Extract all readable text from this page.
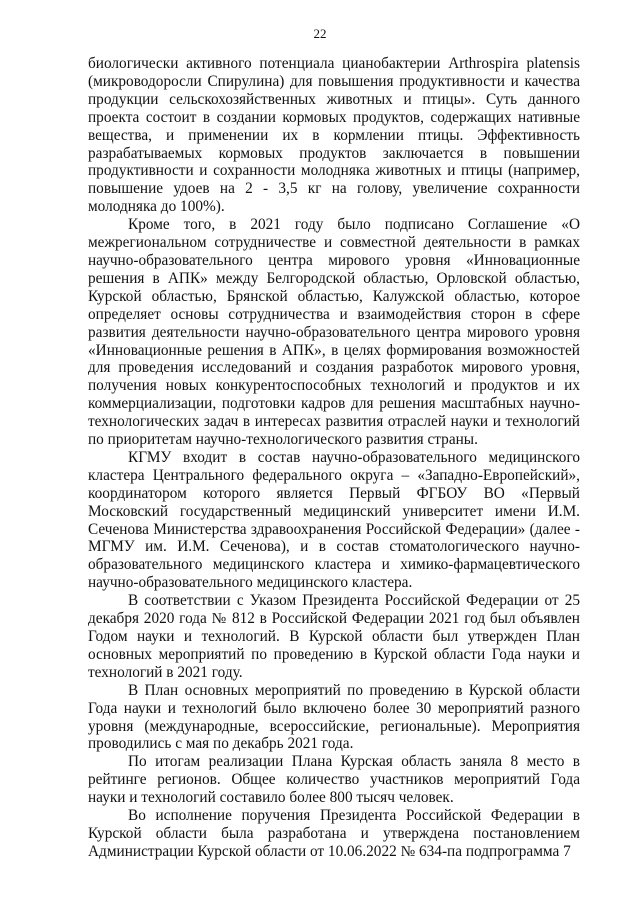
22

биологически активного потенциала цианобактерии Arthrospira platensis (микроводоросли Спирулина) для повышения продуктивности и качества продукции сельскохозяйственных животных и птицы». Суть данного проекта состоит в создании кормовых продуктов, содержащих нативные вещества, и применении их в кормлении птицы. Эффективность разрабатываемых кормовых продуктов заключается в повышении продуктивности и сохранности молодняка животных и птицы (например, повышение удоев на 2 - 3,5 кг на голову, увеличение сохранности молодняка до 100%).

Кроме того, в 2021 году было подписано Соглашение «О межрегиональном сотрудничестве и совместной деятельности в рамках научно-образовательного центра мирового уровня «Инновационные решения в АПК» между Белгородской областью, Орловской областью, Курской областью, Брянской областью, Калужской областью, которое определяет основы сотрудничества и взаимодействия сторон в сфере развития деятельности научно-образовательного центра мирового уровня «Инновационные решения в АПК», в целях формирования возможностей для проведения исследований и создания разработок мирового уровня, получения новых конкурентоспособных технологий и продуктов и их коммерциализации, подготовки кадров для решения масштабных научно-технологических задач в интересах развития отраслей науки и технологий по приоритетам научно-технологического развития страны.

КГМУ входит в состав научно-образовательного медицинского кластера Центрального федерального округа – «Западно-Европейский», координатором которого является Первый ФГБОУ ВО «Первый Московский государственный медицинский университет имени И.М. Сеченова Министерства здравоохранения Российской Федерации» (далее - МГМУ им. И.М. Сеченова), и в состав стоматологического научно-образовательного медицинского кластера и химико-фармацевтического научно-образовательного медицинского кластера.

В соответствии с Указом Президента Российской Федерации от 25 декабря 2020 года № 812 в Российской Федерации 2021 год был объявлен Годом науки и технологий. В Курской области был утвержден План основных мероприятий по проведению в Курской области Года науки и технологий в 2021 году.

В План основных мероприятий по проведению в Курской области Года науки и технологий было включено более 30 мероприятий разного уровня (международные, всероссийские, региональные). Мероприятия проводились с мая по декабрь 2021 года.

По итогам реализации Плана Курская область заняла 8 место в рейтинге регионов. Общее количество участников мероприятий Года науки и технологий составило более 800 тысяч человек.

Во исполнение поручения Президента Российской Федерации в Курской области была разработана и утверждена постановлением Администрации Курской области от 10.06.2022 № 634-па подпрограмма 7
